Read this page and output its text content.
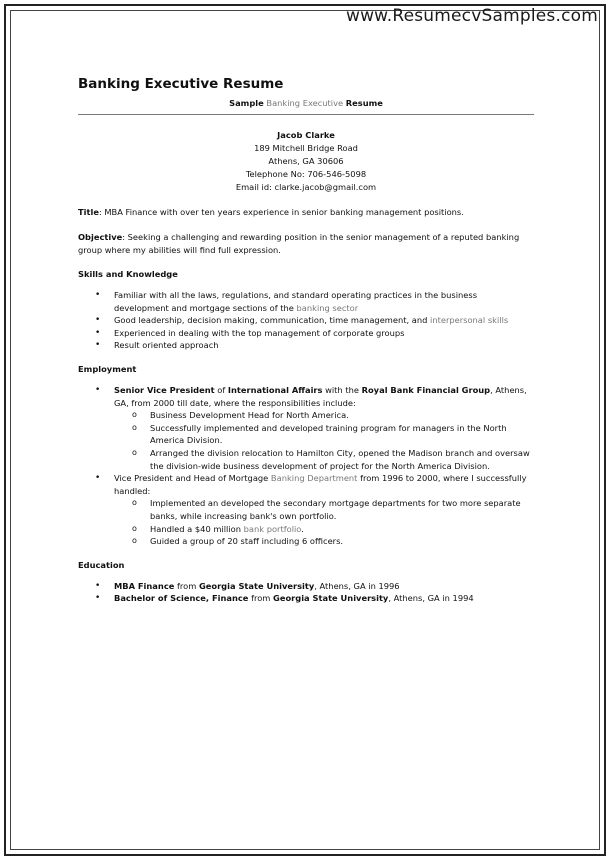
www.ResumecvSamples.com
Banking Executive Resume
Sample Banking Executive Resume
Jacob Clarke
189 Mitchell Bridge Road
Athens, GA 30606
Telephone No: 706-546-5098
Email id: clarke.jacob@gmail.com

Title: MBA Finance with over ten years experience in senior banking management positions.

Objective: Seeking a challenging and rewarding position in the senior management of a reputed banking group where my abilities will find full expression.

Skills and Knowledge
• Familiar with all the laws, regulations, and standard operating practices in the business development and mortgage sections of the banking sector
• Good leadership, decision making, communication, time management, and interpersonal skills
• Experienced in dealing with the top management of corporate groups
• Result oriented approach
Employment
• Senior Vice President of International Affairs with the Royal Bank Financial Group, Athens, GA, from 2000 till date, where the responsibilities include:
o Business Development Head for North America.
o Successfully implemented and developed training program for managers in the North America Division.
o Arranged the division relocation to Hamilton City, opened the Madison branch and oversaw the division-wide business development of project for the North America Division.
• Vice President and Head of Mortgage Banking Department from 1996 to 2000, where I successfully handled:
o Implemented an developed the secondary mortgage departments for two more separate banks, while increasing bank's own portfolio.
o Handled a $40 million bank portfolio.
o Guided a group of 20 staff including 6 officers.
Education
• MBA Finance from Georgia State University, Athens, GA in 1996
• Bachelor of Science, Finance from Georgia State University, Athens, GA in 1994
